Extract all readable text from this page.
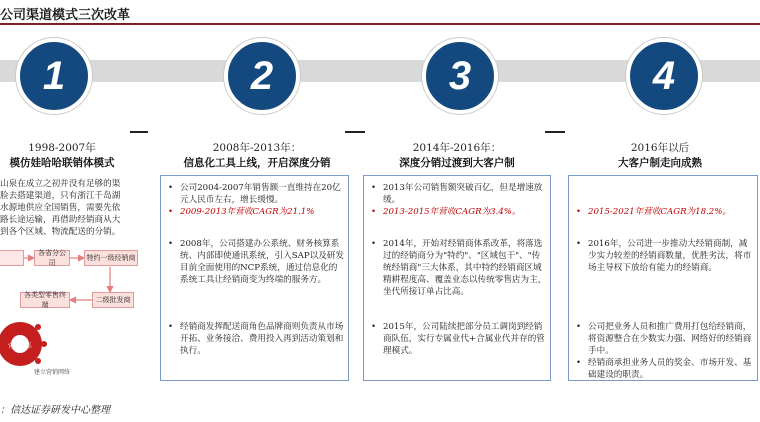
公司渠道模式三次改革
1	2	3	4
1998-2007年
模仿娃哈哈联销体模式
2008年-2013年：
信息化工具上线，开启深度分销
2014年-2016年：
深度分销过渡到大客户制
2016年以后
大客户制走向成熟
山泉在成立之初并没有足够的渠
脸去搭建渠道，只有浙江千岛湖
水源地供应全国销售，需要先依
路长途运输，再借助经销商从大
到各个区域、物流配送的分销。
各省分公司
特约一级经销商
二级批发商
各类型零售终端
营销体系
建立营销网络
• 公司2004-2007年销售额一直维持在20亿元人民币左右，增长缓慢。
• 2009-2013年营收CAGR为21.1%
• 2008年，公司搭建办公系统、财务核算系统、内部即使通讯系统，引入SAP以及研发目前全面使用的NCP系统，通过信息化的系统工具让经销商变为终端的服务方。
• 经销商发挥配送商角色品牌商则负责从市场开拓、业务接洽、费用投入再到活动策划和执行。
• 2013年公司销售额突破百亿，但是增速放缓。
• 2013-2015年营收CAGR为3.4%。
• 2014年，开始对经销商体系改革，将落选过的经销商分为"特约"、"区域包干"、"传统经销商"三大体系，其中特约经销商区域精耕程度高、覆盖业态以传统零售店为主，坐代所接订单占比高。
• 2015年，公司陆续把部分员工调岗到经销商队伍，实行专属业代+合属业代并存的管理模式。
• 2015-2021年营收CAGR为18.2%。
• 2016年，公司进一步推动大经销商制，减少实力较差的经销商数量，优胜劣汰，将市场主导权下放给有能力的经销商。
• 公司把业务人员和推广费用打包给经销商，将资源整合在少数实力强、网络好的经销商手中。
• 经销商承担业务人员的奖金、市场开发、基础建设的职责。
：信达证券研发中心整理
